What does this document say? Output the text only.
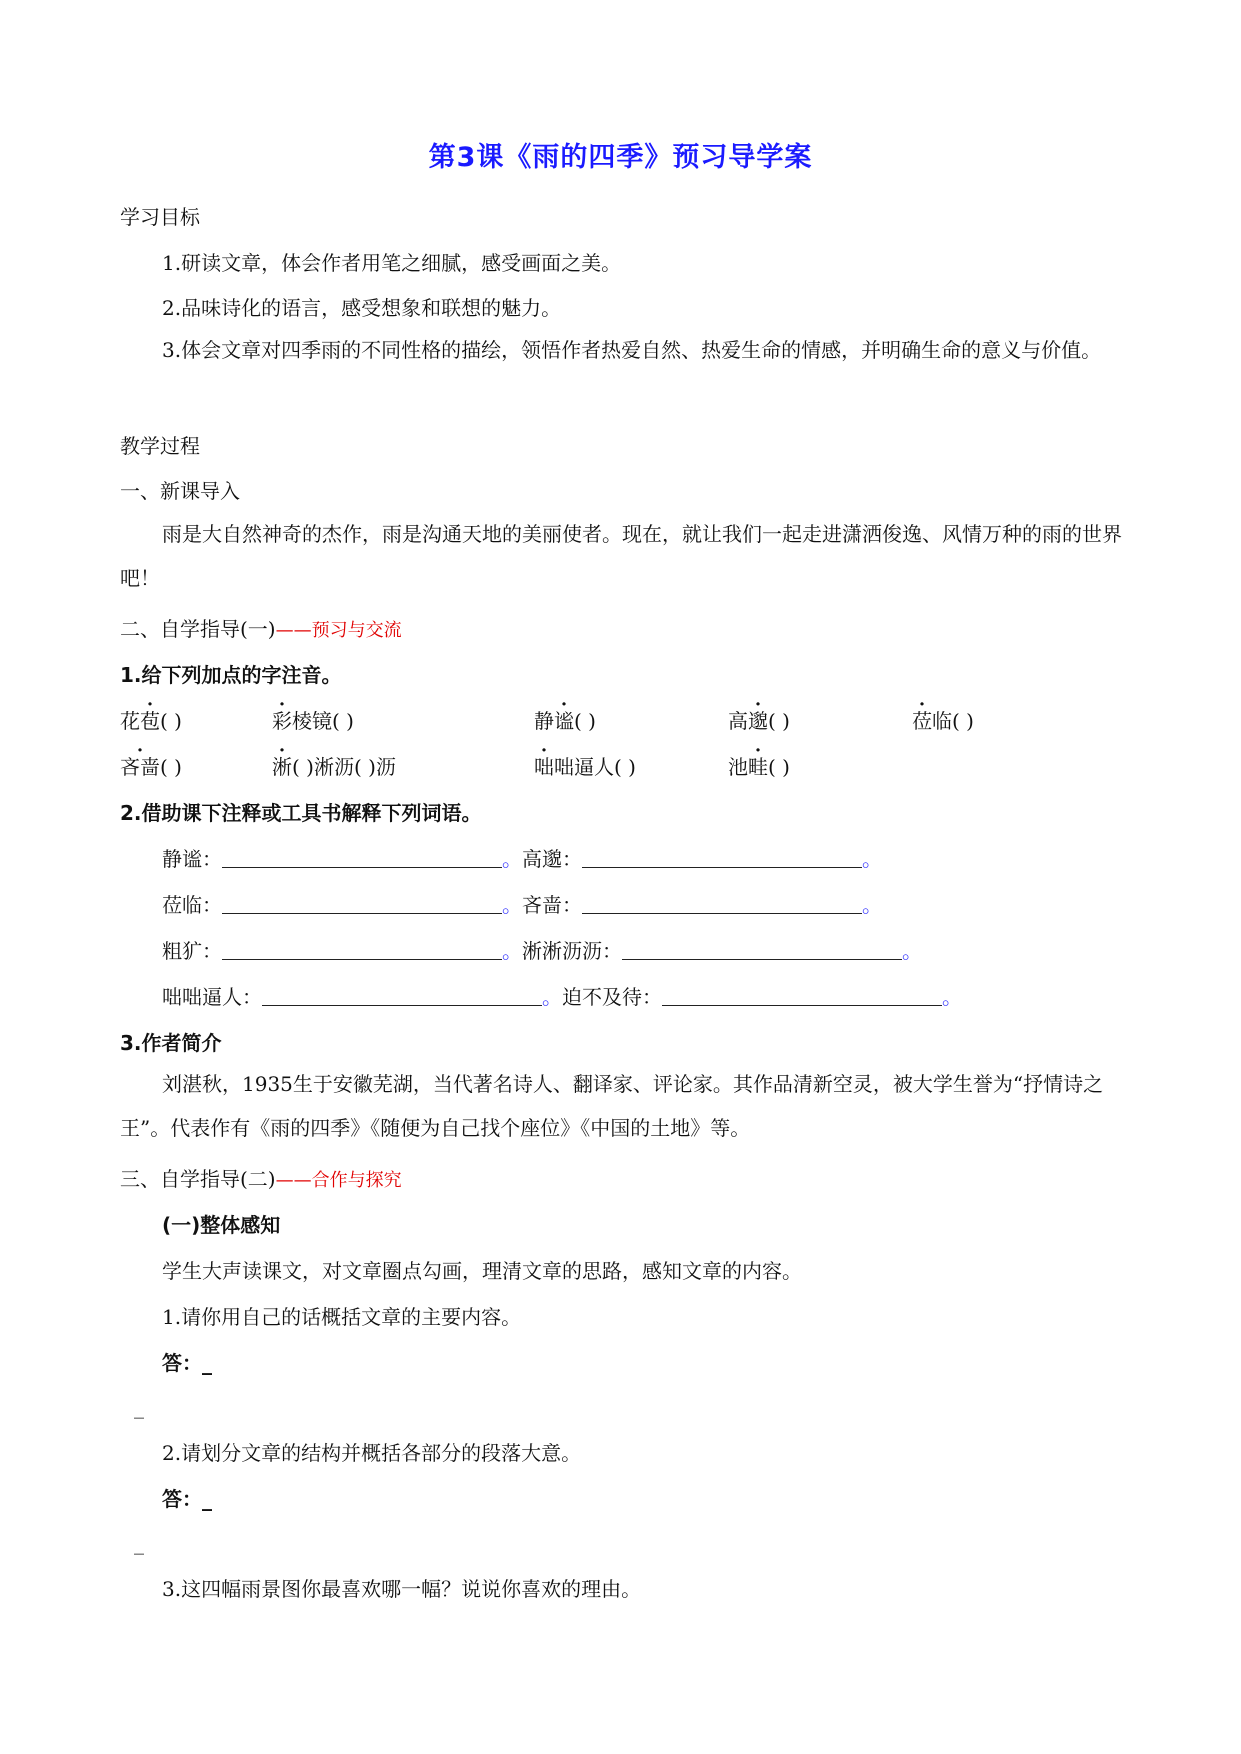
第3课《雨的四季》预习导学案
学习目标
1.研读文章，体会作者用笔之细腻，感受画面之美。
2.品味诗化的语言，感受想象和联想的魅力。

3.体会文章对四季雨的不同性格的描绘，领悟作者热爱自然、热爱生命的情感，并明确生命的意义与价值。

教学过程
一、新课导入

雨是大自然神奇的杰作，雨是沟通天地的美丽使者。现在，就让我们一起走进潇洒俊逸、风情万种的雨的世界吧！

二、自学指导(一)——预习与交流
1.给下列加点的字注音。
花苞( )	彩棱镜( )	静谧( )	高邈( )	莅临( )
吝啬( )	淅( )淅沥( )沥	咄咄逼人( )	池畦( )
2.借助课下注释或工具书解释下列词语。
静谧：	。高邈：	。
莅临：	。吝啬：	。
粗犷：	。淅淅沥沥：	。
咄咄逼人：	。迫不及待：	。
3.作者简介

刘湛秋，1935生于安徽芜湖，当代著名诗人、翻译家、评论家。其作品清新空灵，被大学生誉为“抒情诗之王”。代表作有《雨的四季》《随便为自己找个座位》《中国的土地》等。

三、自学指导(二)——合作与探究
(一)整体感知
学生大声读课文，对文章圈点勾画，理清文章的思路，感知文章的内容。
1.请你用自己的话概括文章的主要内容。
答：_
_
2.请划分文章的结构并概括各部分的段落大意。
答：_
_
3.这四幅雨景图你最喜欢哪一幅？说说你喜欢的理由。
